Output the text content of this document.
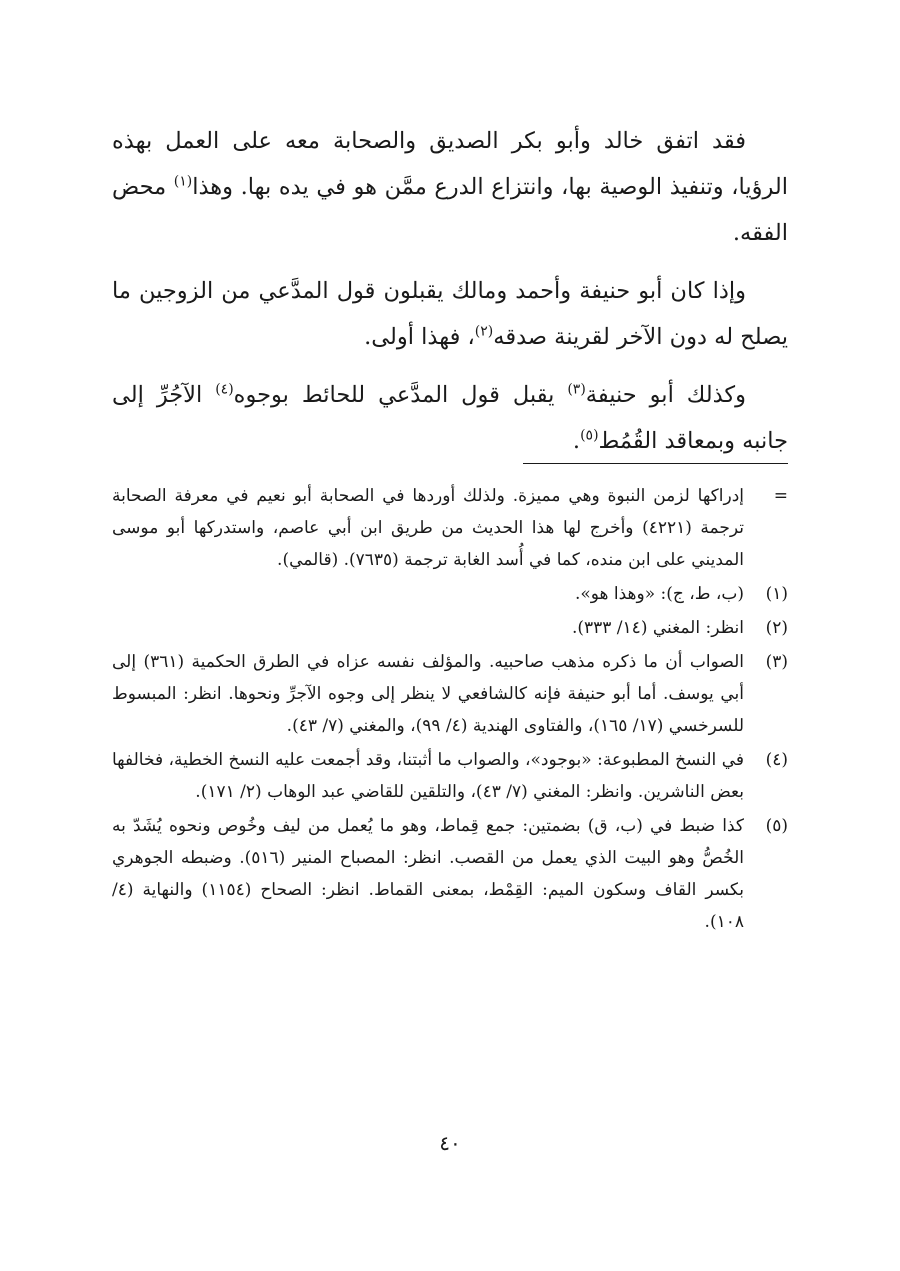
فقد اتفق خالد وأبو بكر الصديق والصحابة معه على العمل بهذه الرؤيا، وتنفيذ الوصية بها، وانتزاع الدرع ممَّن هو في يده بها. وهذا$^{(١)}$ محض الفقه.

وإذا كان أبو حنيفة وأحمد ومالك يقبلون قول المدَّعي من الزوجين ما يصلح له دون الآخر لقرينة صدقه$^{(٢)}$، فهذا أولى.

وكذلك أبو حنيفة$^{(٣)}$ يقبل قول المدَّعي للحائط بوجوه$^{(٤)}$ الآجُرِّ إلى جانبه وبمعاقد القُمُط$^{(٥)}$.

=
إدراكها لزمن النبوة وهي مميزة. ولذلك أوردها في الصحابة أبو نعيم في معرفة الصحابة ترجمة (٤٢٢١) وأخرج لها هذا الحديث من طريق ابن أبي عاصم، واستدركها أبو موسى المديني على ابن منده، كما في أُسد الغابة ترجمة (٧٦٣٥). (قالمي).
(١)
(ب، ط، ج): «وهذا هو».
(٢)
انظر: المغني (١٤/ ٣٣٣).
(٣)
الصواب أن ما ذكره مذهب صاحبيه. والمؤلف نفسه عزاه في الطرق الحكمية (٣٦١) إلى أبي يوسف. أما أبو حنيفة فإنه كالشافعي لا ينظر إلى وجوه الآجرِّ ونحوها. انظر: المبسوط للسرخسي (١٧/ ١٦٥)، والفتاوى الهندية (٤/ ٩٩)، والمغني (٧/ ٤٣).
(٤)
في النسخ المطبوعة: «بوجود»، والصواب ما أثبتنا، وقد أجمعت عليه النسخ الخطية، فخالفها بعض الناشرين. وانظر: المغني (٧/ ٤٣)، والتلقين للقاضي عبد الوهاب (٢/ ١٧١).
(٥)
كذا ضبط في (ب، ق) بضمتين: جمع قِماط، وهو ما يُعمل من ليف وخُوص ونحوه يُشَدّ به الخُصُّ وهو البيت الذي يعمل من القصب. انظر: المصباح المنير (٥١٦). وضبطه الجوهري بكسر القاف وسكون الميم: القِمْط، بمعنى القماط. انظر: الصحاح (١١٥٤) والنهاية (٤/ ١٠٨).
٤٠
